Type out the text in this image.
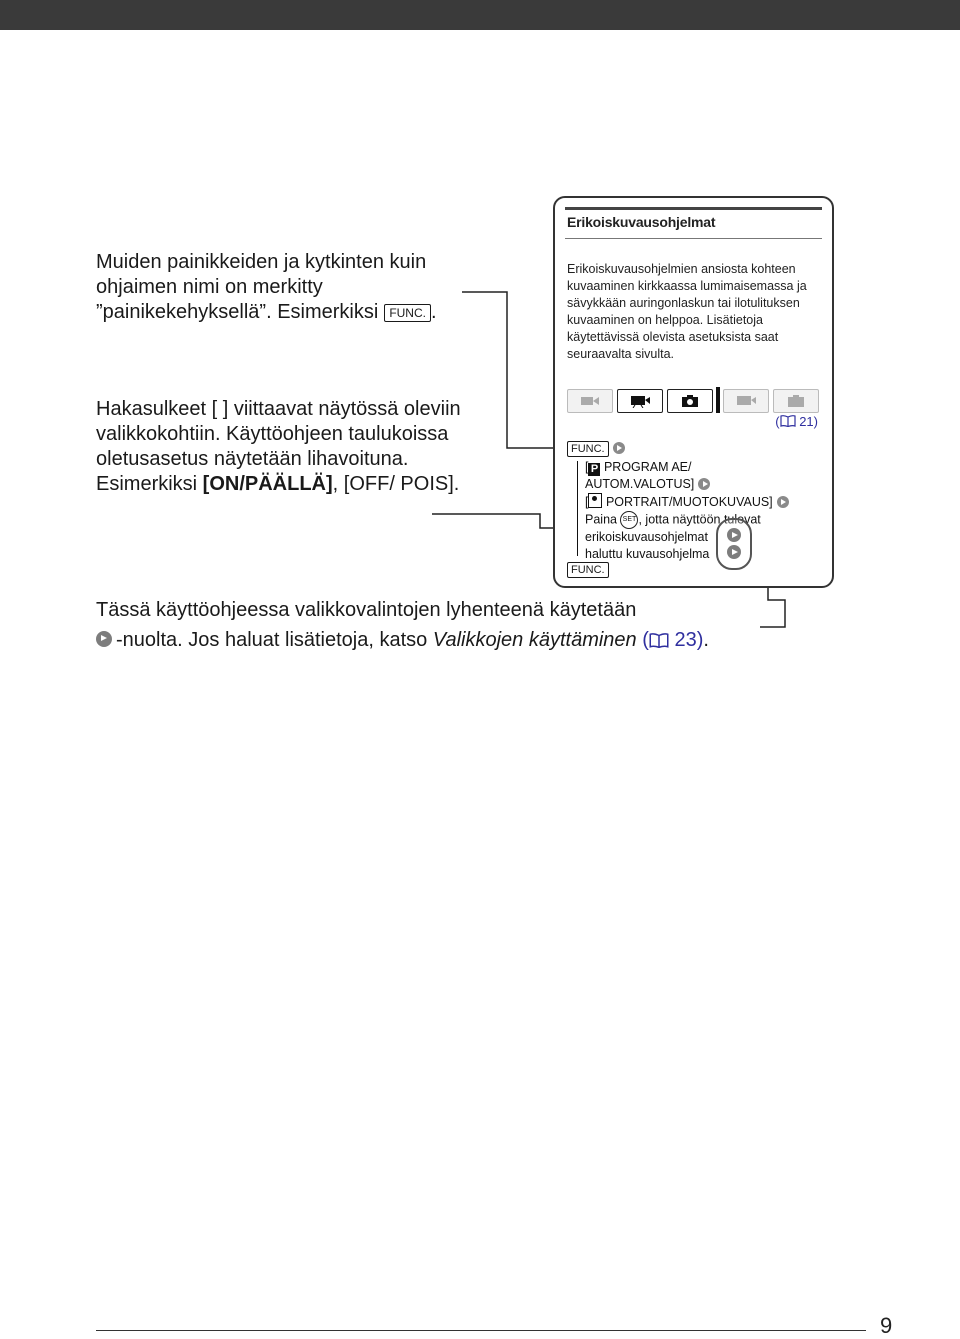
Muiden painikkeiden ja kytkinten kuin ohjaimen nimi on merkitty ”painikekehyksellä”. Esimerkiksi FUNC. .

Hakasulkeet [ ] viittaavat näytössä oleviin valikkokohtiin. Käyttöohjeen taulukoissa oletusasetus näytetään lihavoituna. Esimerkiksi [ON/PÄÄLLÄ], [OFF/ POIS].

Erikoiskuvausohjelmat
Erikoiskuvausohjelmien ansiosta kohteen kuvaaminen kirkkaassa lumimaisemassa ja sävykkään auringonlaskun tai ilotulituksen kuvaaminen on helppoa. Lisätietoja käytettävissä olevista asetuksista saat seuraavalta sivulta.
( 21)
FUNC.
[ P PROGRAM AE/
AUTOM.VALOTUS]
[ PORTRAIT/MUOTOKUVAUS]
Paina SET , jotta näyttöön tulevat
erikoiskuvausohjelmat
haluttu kuvausohjelma
FUNC.
Tässä käyttöohjeessa valikkovalintojen lyhenteenä käytetään
-nuolta. Jos haluat lisätietoja, katso Valikkojen käyttäminen ( 23).
9
